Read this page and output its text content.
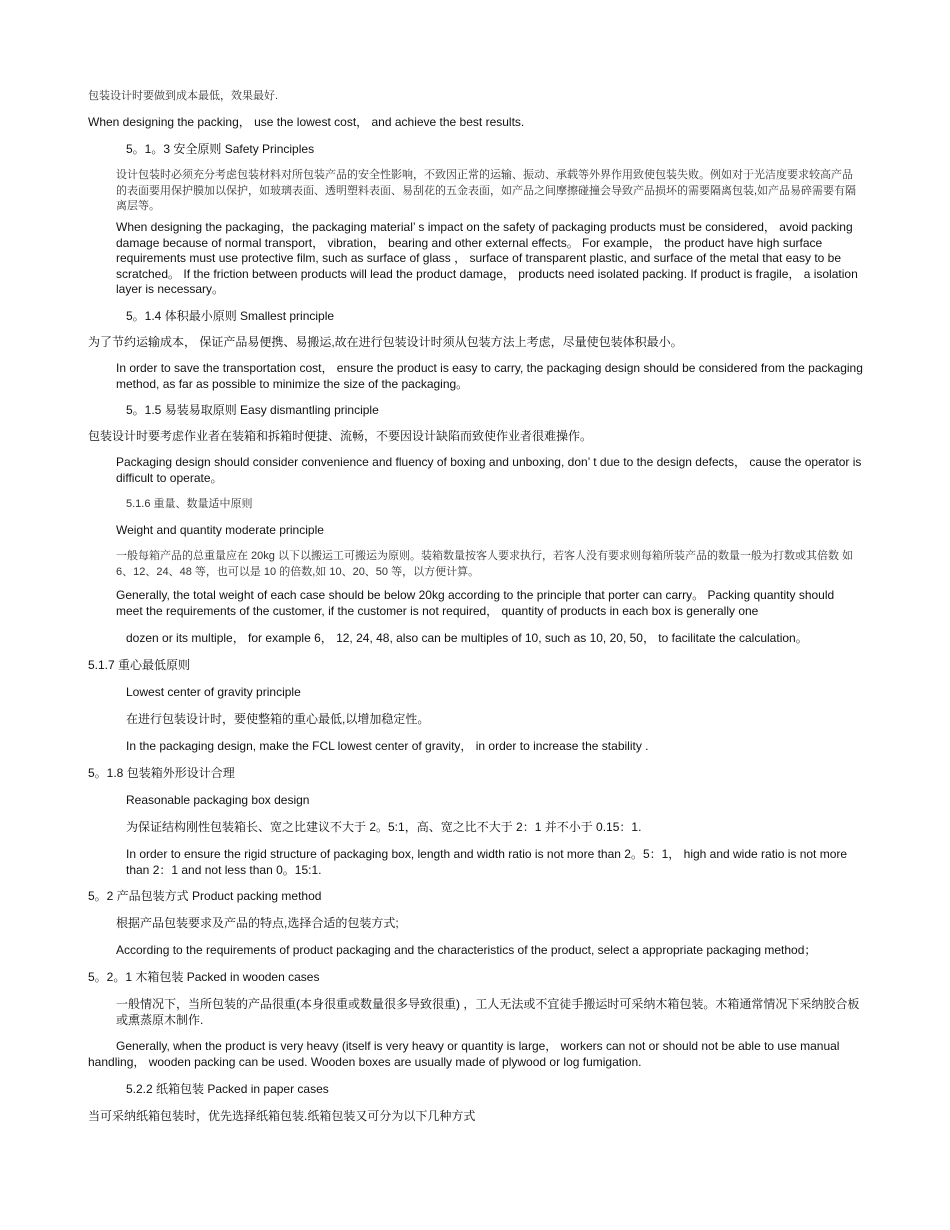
包装设计时要做到成本最低，效果最好.

When designing the packing， use the lowest cost， and achieve the best results.

5。1。3 安全原则 Safety Principles

设计包装时必须充分考虑包装材料对所包装产品的安全性影响，不致因正常的运输、振动、承载等外界作用致使包装失败。例如对于光洁度要求较高产品的表面要用保护膜加以保护，如玻璃表面、透明塑料表面、易刮花的五金表面，如产品之间摩擦碰撞会导致产品损坏的需要隔离包装,如产品易碎需要有隔离层等。

When designing the packaging，the packaging material’ s impact on the safety of packaging products must be considered， avoid packing damage because of normal transport， vibration， bearing and other external effects。 For example， the product have high surface requirements must use protective film, such as surface of glass ， surface of transparent plastic, and surface of the metal that easy to be scratched。 If the friction between products will lead the product damage， products need isolated packing. If product is fragile， a isolation layer is necessary。

5。1.4 体积最小原则 Smallest principle

为了节约运输成本， 保证产品易便携、易搬运,故在进行包装设计时须从包装方法上考虑，尽量使包装体积最小。

In order to save the transportation cost， ensure the product is easy to carry, the packaging design should be considered from the packaging method, as far as possible to minimize the size of the packaging。

5。1.5 易装易取原则 Easy dismantling principle

包装设计时要考虑作业者在装箱和拆箱时便捷、流畅，不要因设计缺陷而致使作业者很难操作。

Packaging design should consider convenience and fluency of boxing and unboxing, don’ t due to the design defects， cause the operator is difficult to operate。

5.1.6 重量、数量适中原则

Weight and quantity moderate principle

一般每箱产品的总重量应在 20kg 以下以搬运工可搬运为原则。装箱数量按客人要求执行，若客人没有要求则每箱所装产品的数量一般为打数或其倍数 如 6、12、24、48 等，也可以是 10 的倍数,如 10、20、50 等，以方便计算。

Generally, the total weight of each case should be below 20kg according to the principle that porter can carry。 Packing quantity should meet the requirements of the customer, if the customer is not required， quantity of products in each box is generally one

dozen or its multiple， for example 6， 12, 24, 48, also can be multiples of 10, such as 10, 20, 50， to facilitate the calculation。

5.1.7 重心最低原则

Lowest center of gravity principle

在进行包装设计时，要使整箱的重心最低,以增加稳定性。

In the packaging design, make the FCL lowest center of gravity， in order to increase the stability .

5。1.8 包装箱外形设计合理

Reasonable packaging box design

为保证结构刚性包装箱长、宽之比建议不大于 2。5:1，高、宽之比不大于 2：1 并不小于 0.15：1.

In order to ensure the rigid structure of packaging box, length and width ratio is not more than 2。5：1， high and wide ratio is not more than 2：1 and not less than 0。15:1.

5。2 产品包装方式 Product packing method

根据产品包装要求及产品的特点,选择合适的包装方式;

According to the requirements of product packaging and the characteristics of the product, select a appropriate packaging method；

5。2。1 木箱包装 Packed in wooden cases

一般情况下，当所包装的产品很重(本身很重或数量很多导致很重) ，工人无法或不宜徒手搬运时可采纳木箱包装。木箱通常情况下采纳胶合板或熏蒸原木制作.

Generally, when the product is very heavy (itself is very heavy or quantity is large， workers can not or should not be able to use manual handling， wooden packing can be used. Wooden boxes are usually made of plywood or log fumigation.

5.2.2 纸箱包装 Packed in paper cases

当可采纳纸箱包装时，优先选择纸箱包装.纸箱包装又可分为以下几种方式
